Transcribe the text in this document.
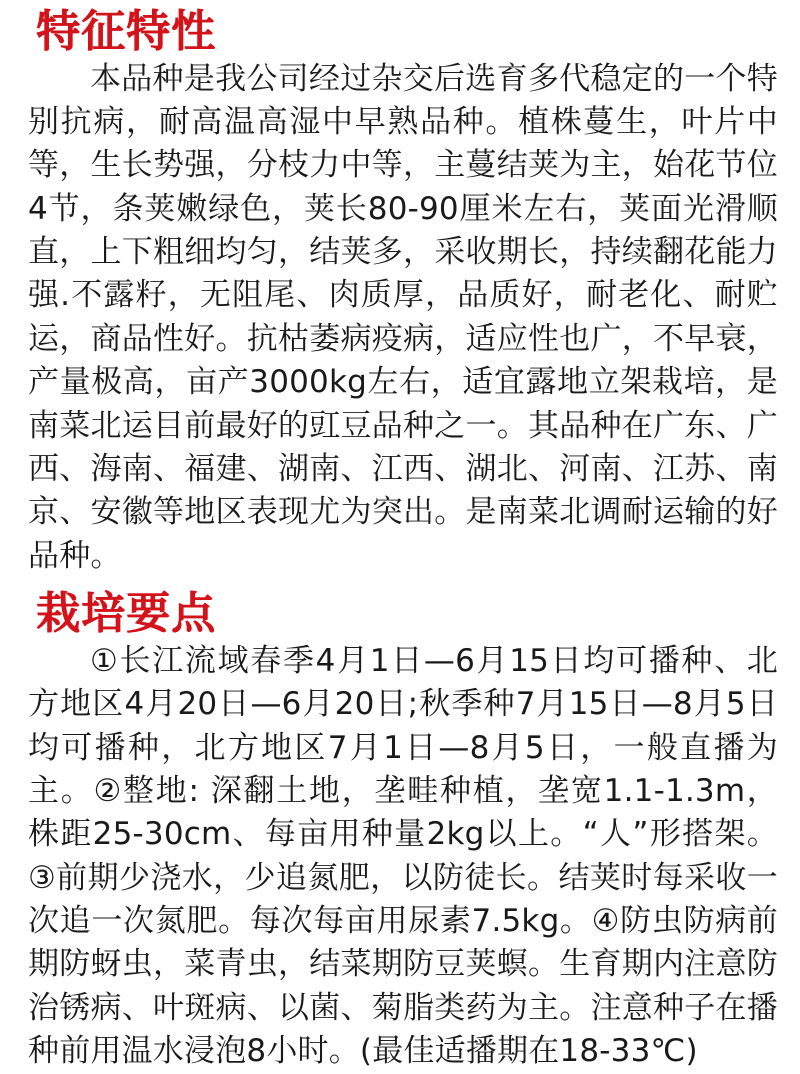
特征特性

本品种是我公司经过杂交后选育多代稳定的一个特别抗病，耐高温高湿中早熟品种。植株蔓生，叶片中等，生长势强，分枝力中等，主蔓结荚为主，始花节位4节，条荚嫩绿色，荚长80-90厘米左右，荚面光滑顺直，上下粗细均匀，结荚多，采收期长，持续翻花能力强.不露籽，无阻尾、肉质厚，品质好，耐老化、耐贮运，商品性好。抗枯萎病疫病，适应性也广，不早衰，产量极高，亩产3000kg左右，适宜露地立架栽培，是南菜北运目前最好的豇豆品种之一。其品种在广东、广西、海南、福建、湖南、江西、湖北、河南、江苏、南京、安徽等地区表现尤为突出。是南菜北调耐运输的好品种。

栽培要点

①长江流域春季4月1日—6月15日均可播种、北方地区4月20日—6月20日;秋季种7月15日—8月5日均可播种，北方地区7月1日—8月5日，一般直播为主。②整地: 深翻土地，垄畦种植，垄宽1.1-1.3m，株距25-30cm、每亩用种量2kg以上。“人”形搭架。③前期少浇水，少追氮肥，以防徒长。结荚时每采收一次追一次氮肥。每次每亩用尿素7.5kg。④防虫防病前期防蚜虫，菜青虫，结菜期防豆荚螟。生育期内注意防治锈病、叶斑病、以菌、菊脂类药为主。注意种子在播种前用温水浸泡8小时。(最佳适播期在18-33℃)
